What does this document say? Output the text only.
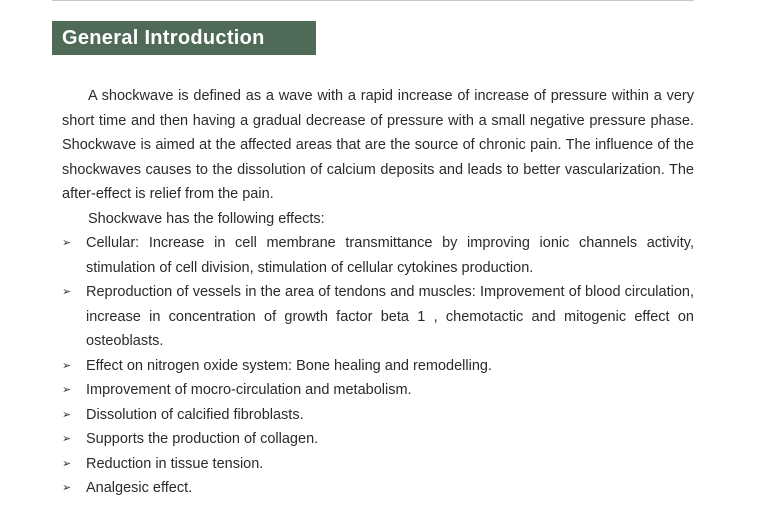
General Introduction

A shockwave is defined as a wave with a rapid increase of increase of pressure within a very short time and then having a gradual decrease of pressure with a small negative pressure phase. Shockwave is aimed at the affected areas that are the source of chronic pain. The influence of the shockwaves causes to the dissolution of calcium deposits and leads to better vascularization. The after-effect is relief from the pain.

Shockwave has the following effects:

➢ Cellular: Increase in cell membrane transmittance by improving ionic channels activity, stimulation of cell division, stimulation of cellular cytokines production.
➢ Reproduction of vessels in the area of tendons and muscles: Improvement of blood circulation, increase in concentration of growth factor beta 1 , chemotactic and mitogenic effect on osteoblasts.
➢ Effect on nitrogen oxide system: Bone healing and remodelling.
➢ Improvement of mocro-circulation and metabolism.
➢ Dissolution of calcified fibroblasts.
➢ Supports the production of collagen.
➢ Reduction in tissue tension.
➢ Analgesic effect.
